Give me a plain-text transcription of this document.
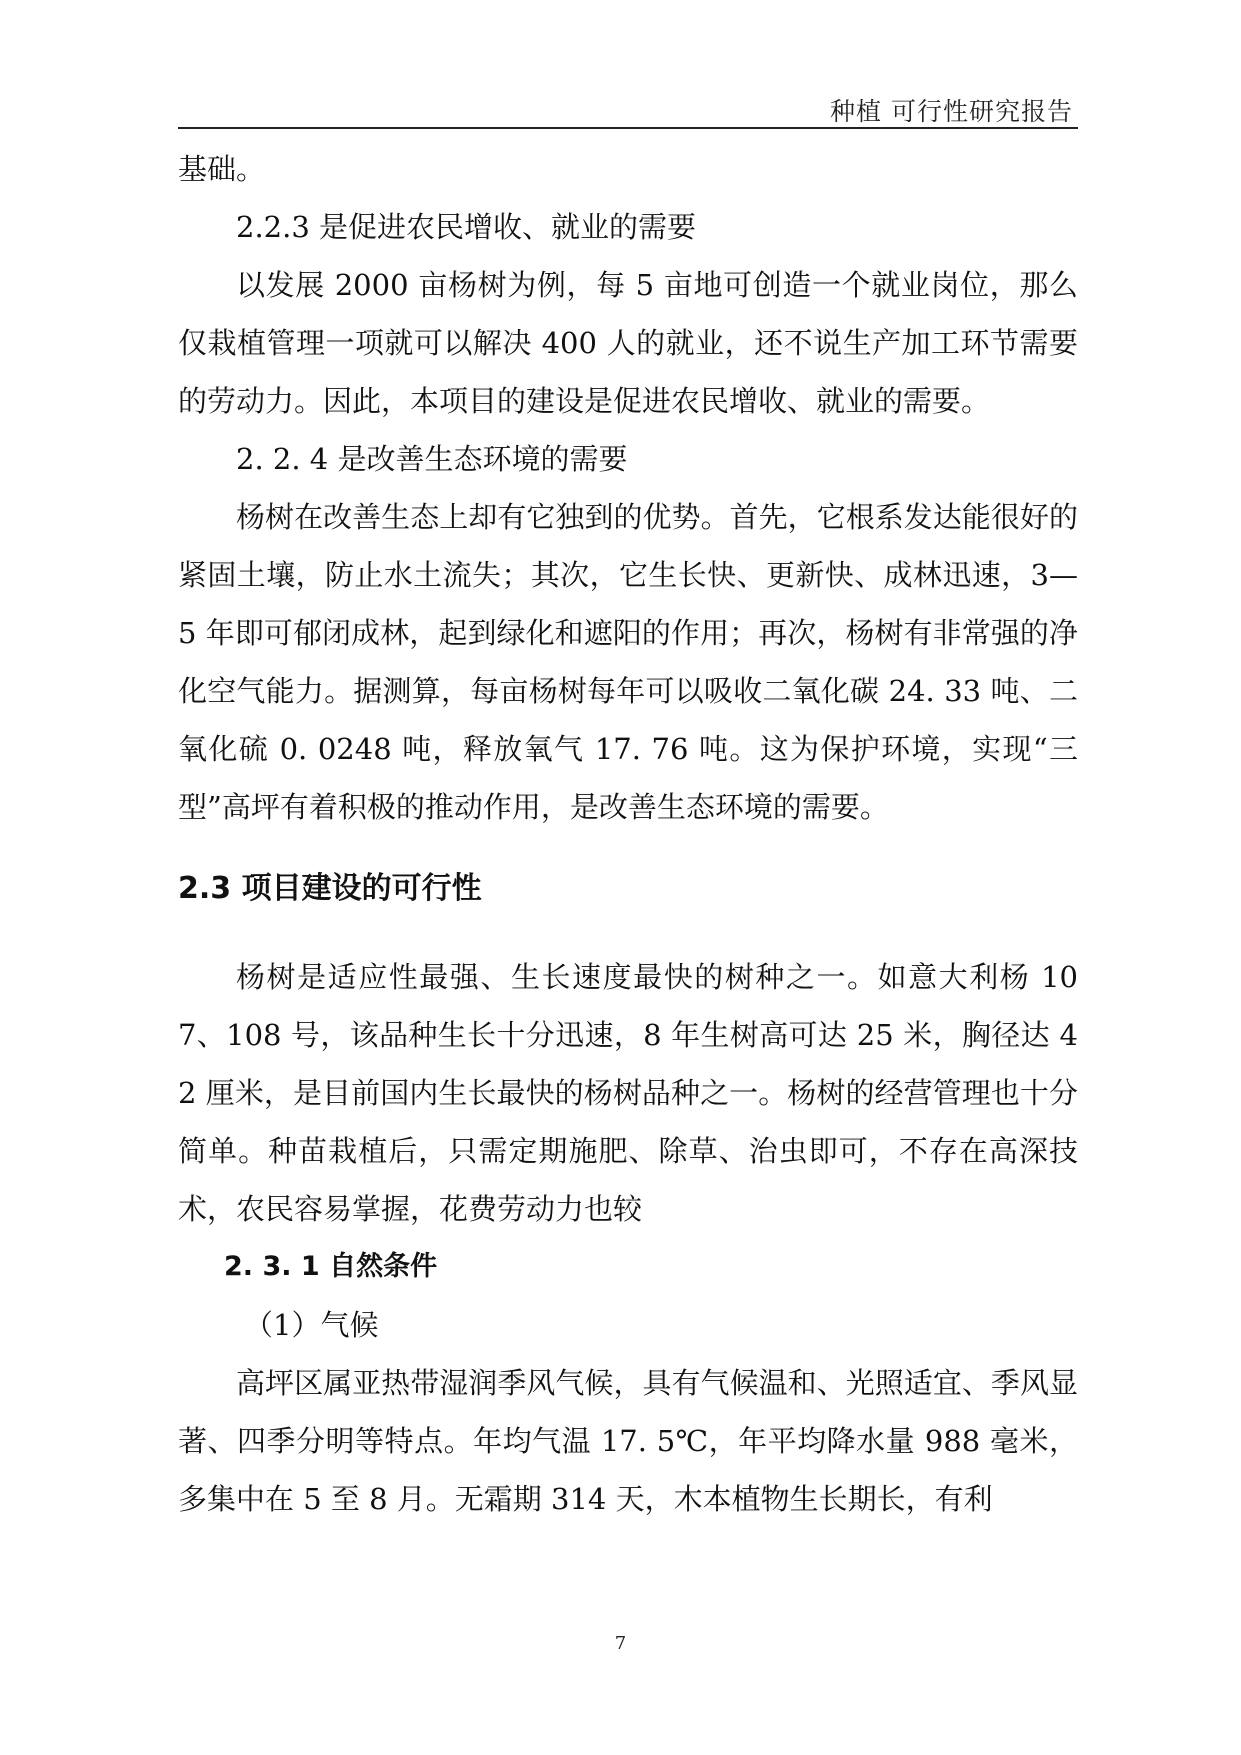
种植 可行性研究报告

基础。

2.2.3 是促进农民增收、就业的需要

以发展 2000 亩杨树为例，每 5 亩地可创造一个就业岗位，那么仅栽植管理一项就可以解决 400 人的就业，还不说生产加工环节需要的劳动力。因此，本项目的建设是促进农民增收、就业的需要。

2. 2. 4 是改善生态环境的需要

杨树在改善生态上却有它独到的优势。首先，它根系发达能很好的紧固土壤，防止水土流失；其次，它生长快、更新快、成林迅速，3—5 年即可郁闭成林，起到绿化和遮阳的作用；再次，杨树有非常强的净化空气能力。据测算，每亩杨树每年可以吸收二氧化碳 24. 33 吨、二氧化硫 0. 0248 吨，释放氧气 17. 76 吨。这为保护环境，实现“三型”高坪有着积极的推动作用，是改善生态环境的需要。

2.3 项目建设的可行性

杨树是适应性最强、生长速度最快的树种之一。如意大利杨 107、108 号，该品种生长十分迅速，8 年生树高可达 25 米，胸径达 4 2 厘米，是目前国内生长最快的杨树品种之一。杨树的经营管理也十分简单。种苗栽植后，只需定期施肥、除草、治虫即可，不存在高深技术，农民容易掌握，花费劳动力也较

2. 3. 1 自然条件

（1）气候

高坪区属亚热带湿润季风气候，具有气候温和、光照适宜、季风显著、四季分明等特点。年均气温 17. 5℃，年平均降水量 988 毫米，多集中在 5 至 8 月。无霜期 314 天，木本植物生长期长，有利

7
